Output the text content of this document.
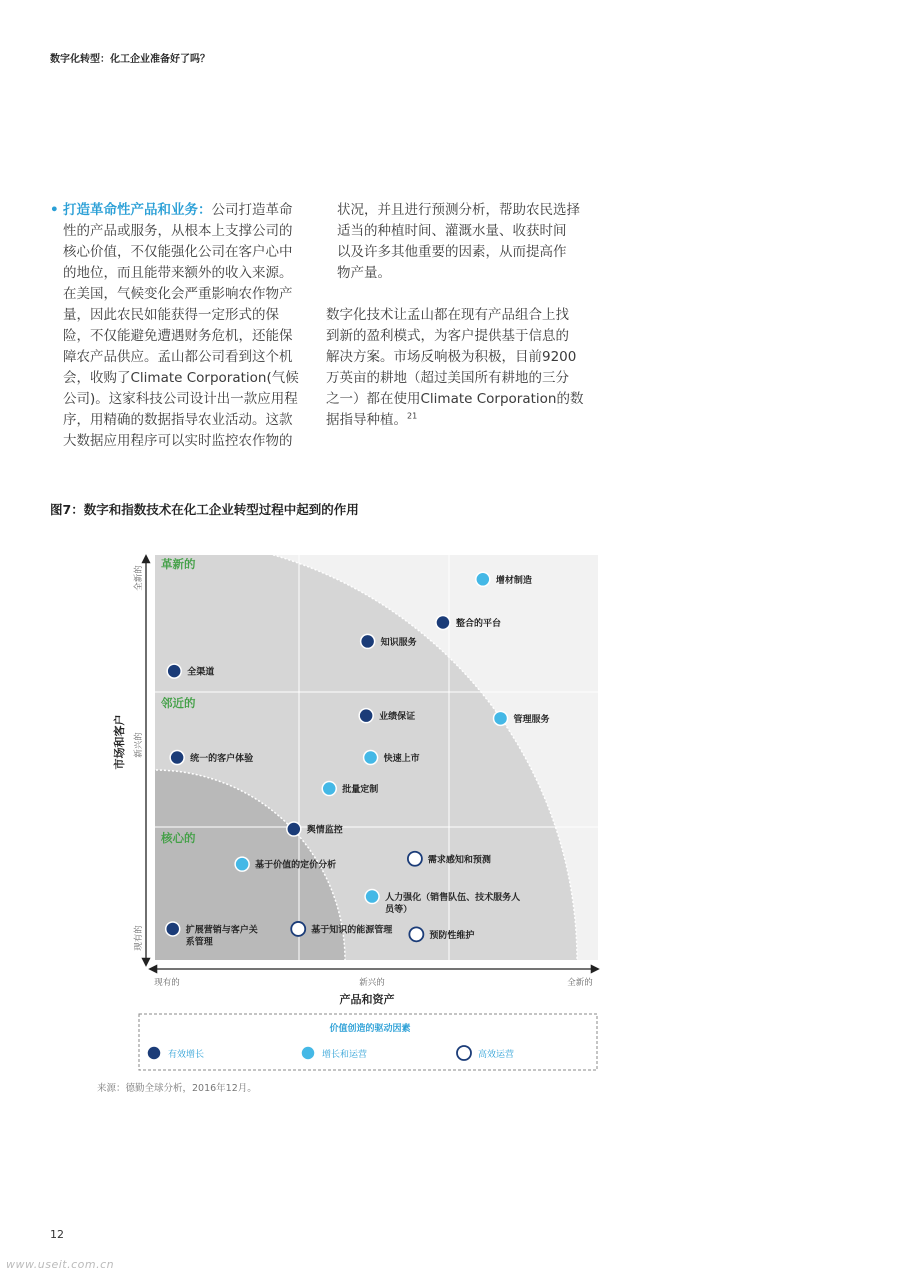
数字化转型：化工企业准备好了吗？
• 打造革命性产品和业务：公司打造革命
性的产品或服务，从根本上支撑公司的
核心价值，不仅能强化公司在客户心中
的地位，而且能带来额外的收入来源。
在美国，气候变化会严重影响农作物产
量，因此农民如能获得一定形式的保
险，不仅能避免遭遇财务危机，还能保
障农产品供应。孟山都公司看到这个机
会，收购了Climate Corporation(气候
公司)。这家科技公司设计出一款应用程
序，用精确的数据指导农业活动。这款
大数据应用程序可以实时监控农作物的
状况，并且进行预测分析，帮助农民选择
适当的种植时间、灌溉水量、收获时间
以及许多其他重要的因素，从而提高作
物产量。
数字化技术让孟山都在现有产品组合上找
到新的盈利模式，为客户提供基于信息的
解决方案。市场反响极为积极，目前9200
万英亩的耕地（超过美国所有耕地的三分
之一）都在使用Climate Corporation的数
据指导种植。$^{21}$
图7：数字和指数技术在化工企业转型过程中起到的作用
革新的
邻近的
核心的
现有的	新兴的	全新的
产品和资产
现有的
新兴的
全新的
市场和客户
增材制造
整合的平台
知识服务
全渠道
业绩保证	管理服务
统一的客户体验	快速上市
批量定制
舆情监控
需求感知和预测
基于价值的定价分析
人力强化（销售队伍、技术服务人员等）
扩展营销与客户关系管理
基于知识的能源管理
预防性维护
价值创造的驱动因素
有效增长	增长和运营	高效运营
来源：德勤全球分析，2016年12月。
12
www.useit.com.cn
